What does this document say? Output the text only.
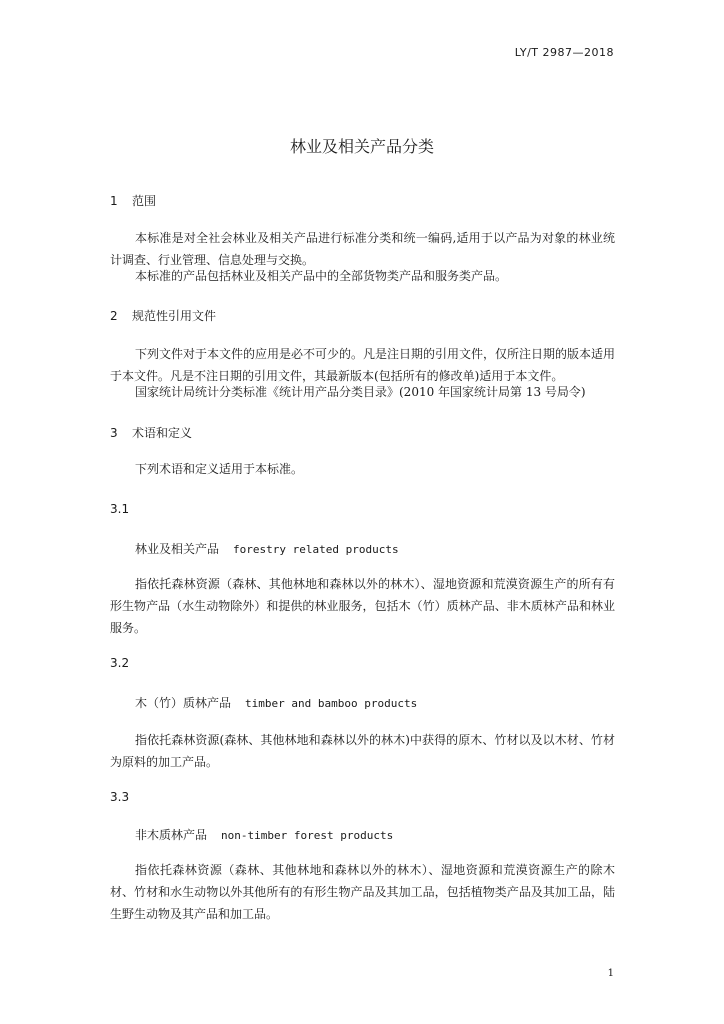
LY/T 2987—2018
林业及相关产品分类
1 范围
本标准是对全社会林业及相关产品进行标准分类和统一编码,适用于以产品为对象的林业统计调查、行业管理、信息处理与交换。
本标准的产品包括林业及相关产品中的全部货物类产品和服务类产品。
2 规范性引用文件
下列文件对于本文件的应用是必不可少的。凡是注日期的引用文件，仅所注日期的版本适用于本文件。凡是不注日期的引用文件，其最新版本(包括所有的修改单)适用于本文件。
国家统计局统计分类标准《统计用产品分类目录》(2010 年国家统计局第 13 号局令)
3 术语和定义
下列术语和定义适用于本标准。
3.1
林业及相关产品 forestry related products
指依托森林资源（森林、其他林地和森林以外的林木）、湿地资源和荒漠资源生产的所有有形生物产品（水生动物除外）和提供的林业服务，包括木（竹）质林产品、非木质林产品和林业服务。
3.2
木（竹）质林产品 timber and bamboo products
指依托森林资源(森林、其他林地和森林以外的林木)中获得的原木、竹材以及以木材、竹材为原料的加工产品。
3.3
非木质林产品 non-timber forest products
指依托森林资源（森林、其他林地和森林以外的林木）、湿地资源和荒漠资源生产的除木材、竹材和水生动物以外其他所有的有形生物产品及其加工品，包括植物类产品及其加工品，陆生野生动物及其产品和加工品。
1
